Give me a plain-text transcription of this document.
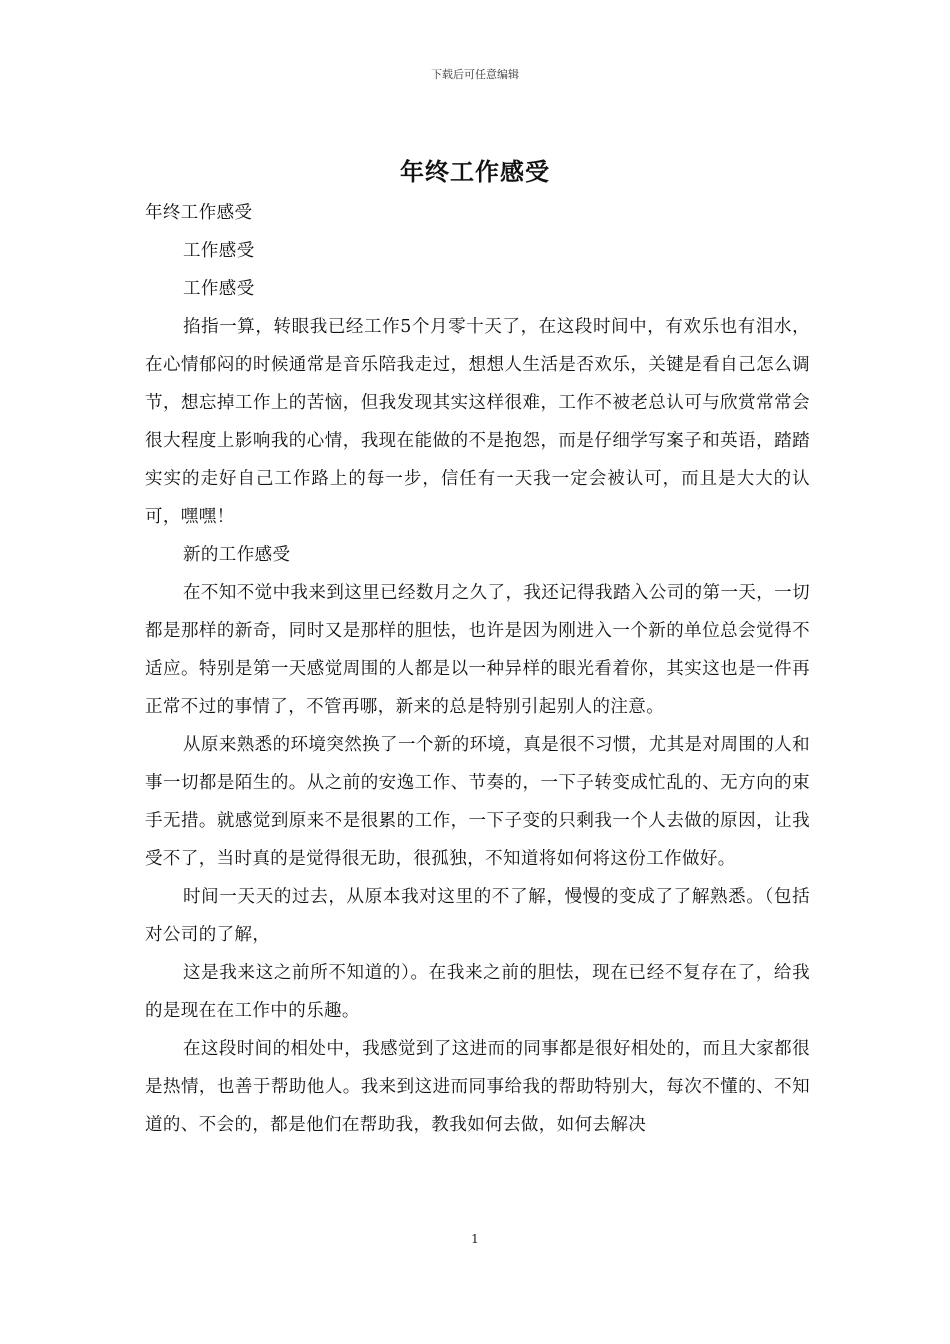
下载后可任意编辑
年终工作感受

年终工作感受

工作感受

工作感受

掐指一算，转眼我已经工作5个月零十天了，在这段时间中，有欢乐也有泪水，在心情郁闷的时候通常是音乐陪我走过，想想人生活是否欢乐，关键是看自己怎么调节，想忘掉工作上的苦恼，但我发现其实这样很难，工作不被老总认可与欣赏常常会很大程度上影响我的心情，我现在能做的不是抱怨，而是仔细学写案子和英语，踏踏实实的走好自己工作路上的每一步，信任有一天我一定会被认可，而且是大大的认可，嘿嘿！

新的工作感受

在不知不觉中我来到这里已经数月之久了，我还记得我踏入公司的第一天，一切都是那样的新奇，同时又是那样的胆怯，也许是因为刚进入一个新的单位总会觉得不适应。特别是第一天感觉周围的人都是以一种异样的眼光看着你，其实这也是一件再正常不过的事情了，不管再哪，新来的总是特别引起别人的注意。

从原来熟悉的环境突然换了一个新的环境，真是很不习惯，尤其是对周围的人和事一切都是陌生的。从之前的安逸工作、节奏的，一下子转变成忙乱的、无方向的束手无措。就感觉到原来不是很累的工作，一下子变的只剩我一个人去做的原因，让我受不了，当时真的是觉得很无助，很孤独，不知道将如何将这份工作做好。

时间一天天的过去，从原本我对这里的不了解，慢慢的变成了了解熟悉。（包括对公司的了解，

这是我来这之前所不知道的）。在我来之前的胆怯，现在已经不复存在了，给我的是现在在工作中的乐趣。

在这段时间的相处中，我感觉到了这进而的同事都是很好相处的，而且大家都很是热情，也善于帮助他人。我来到这进而同事给我的帮助特别大，每次不懂的、不知道的、不会的，都是他们在帮助我，教我如何去做，如何去解决

1
